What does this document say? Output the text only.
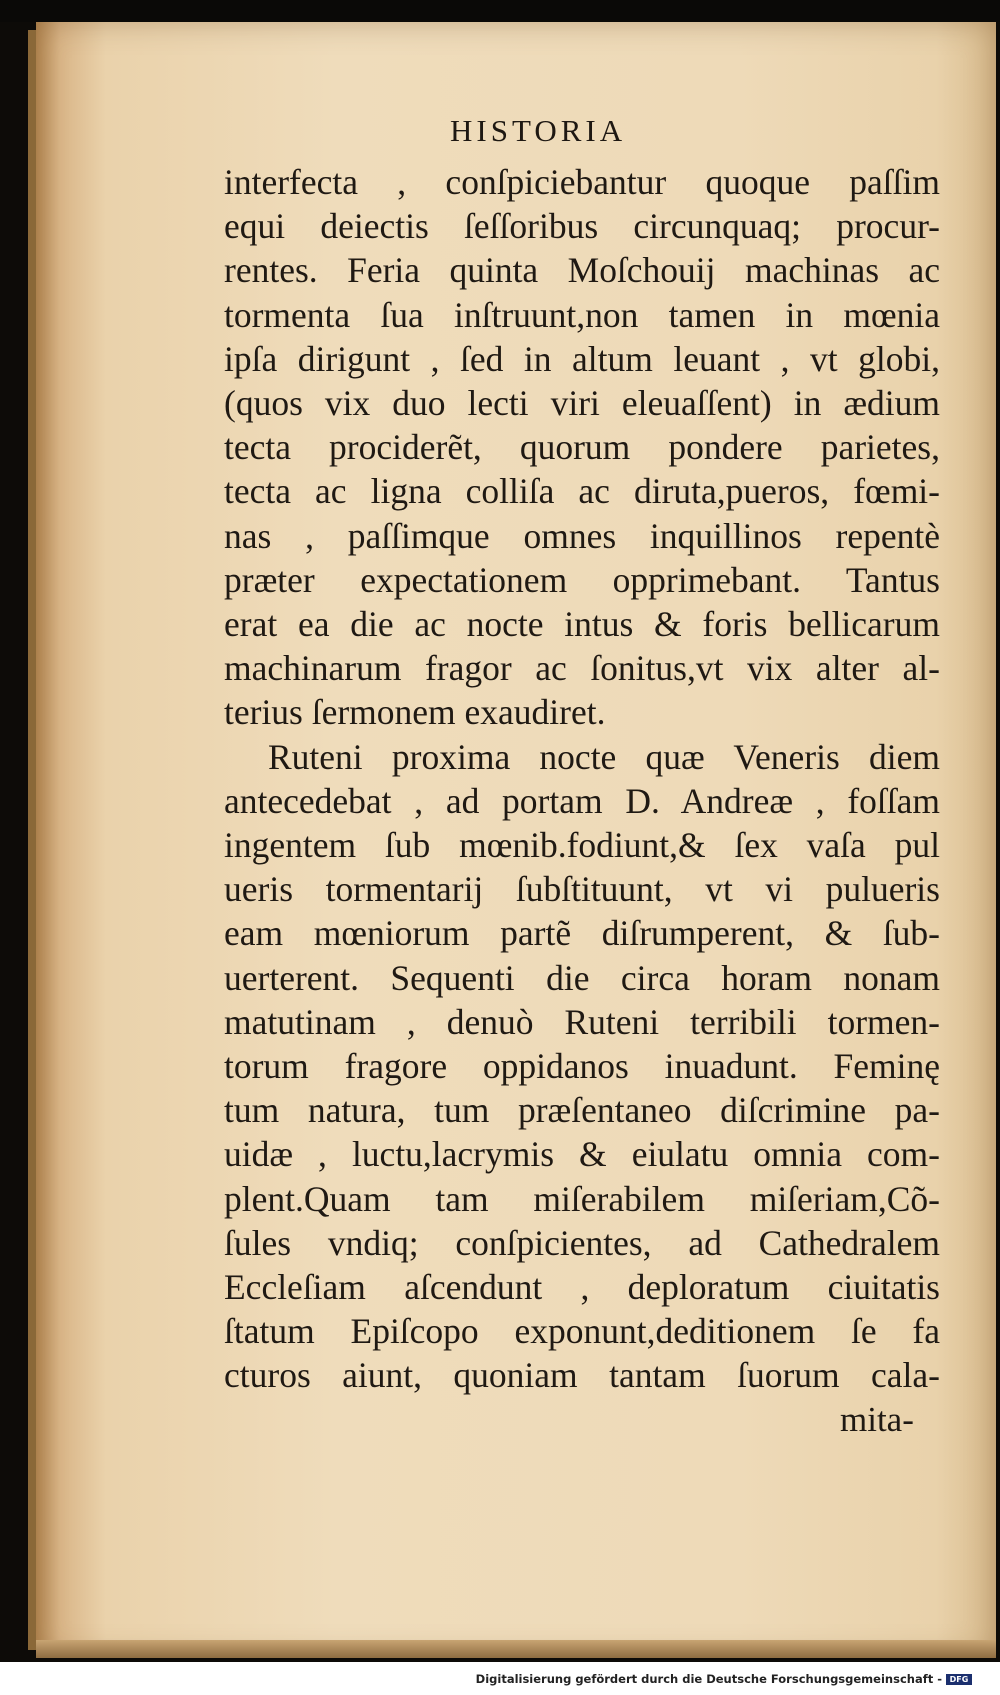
HISTORIA
interfecta , conſpiciebantur quoque paſſim
equi deiectis ſeſſoribus circunquaq; procur-
rentes. Feria quinta Moſchouij machinas ac
tormenta ſua inſtruunt,non tamen in mœnia
ipſa dirigunt , ſed in altum leuant , vt globi,
(quos vix duo lecti viri eleuaſſent) in ædium
tecta prociderẽt, quorum pondere parietes,
tecta ac ligna colliſa ac diruta,pueros, fœmi-
nas , paſſimque omnes inquillinos repentè
præter expectationem opprimebant. Tantus
erat ea die ac nocte intus & foris bellicarum
machinarum fragor ac ſonitus,vt vix alter al-
terius ſermonem exaudiret.
Ruteni proxima nocte quæ Veneris diem
antecedebat , ad portam D. Andreæ , foſſam
ingentem ſub mœnib.fodiunt,& ſex vaſa pul
ueris tormentarij ſubſtituunt, vt vi pulueris
eam mœniorum partẽ diſrumperent, & ſub-
uerterent. Sequenti die circa horam nonam
matutinam , denuò Ruteni terribili tormen-
torum fragore oppidanos inuadunt. Feminę
tum natura, tum præſentaneo diſcrimine pa-
uidæ , luctu,lacrymis & eiulatu omnia com-
plent.Quam tam miſerabilem miſeriam,Cõ-
ſules vndiq; conſpicientes, ad Cathedralem
Eccleſiam aſcendunt , deploratum ciuitatis
ſtatum Epiſcopo exponunt,deditionem ſe fa
cturos aiunt, quoniam tantam ſuorum cala-
mita-
Digitalisierung gefördert durch die Deutsche Forschungsgemeinschaft - DFG
